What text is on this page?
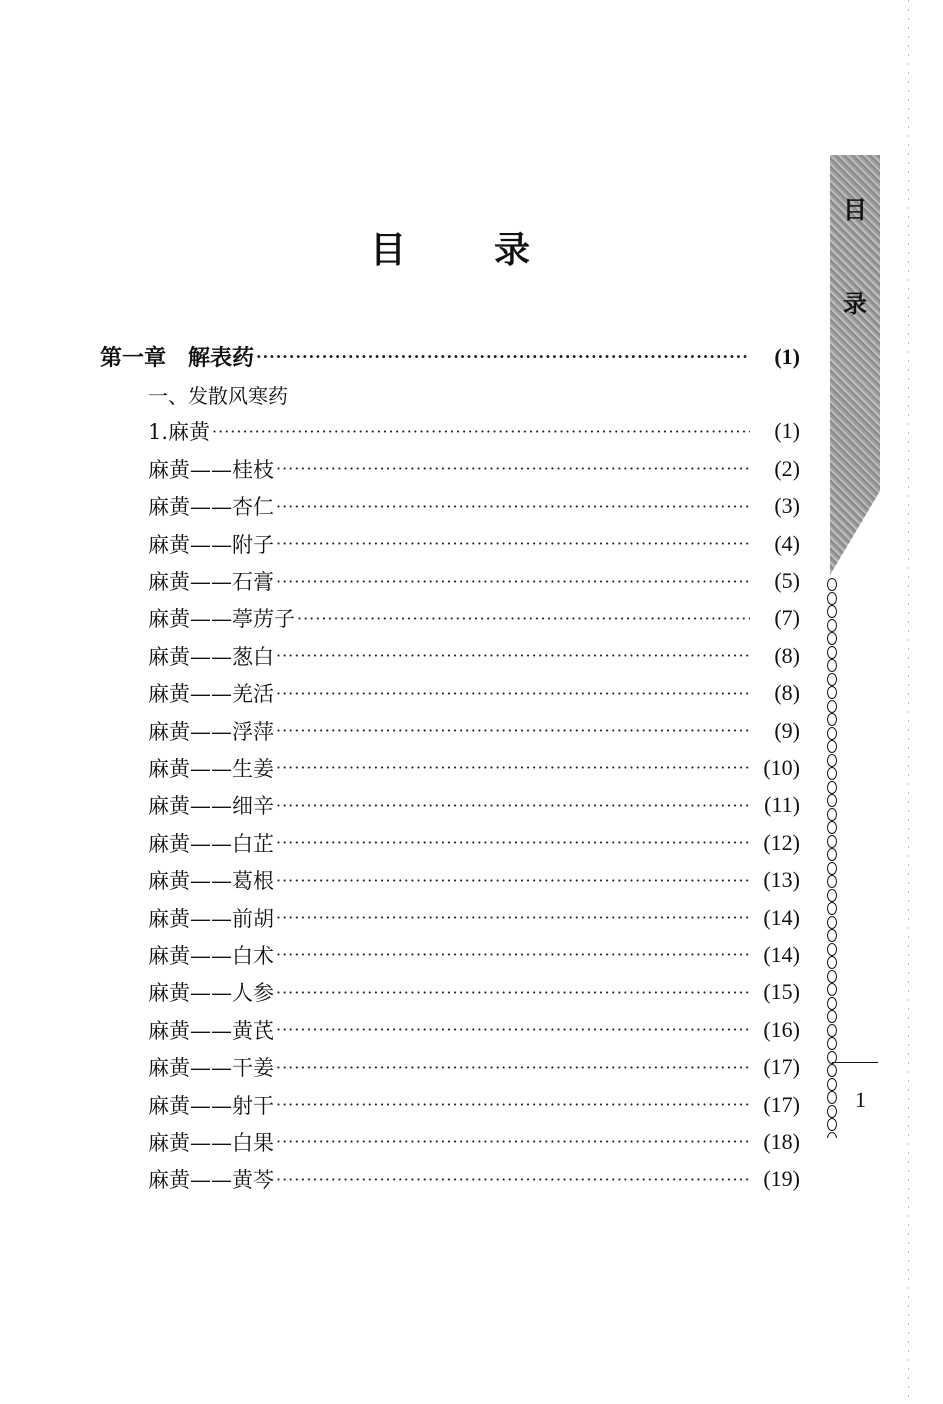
目 录
第一章　解表药 ·····	(1)
一、发散风寒药
1.麻黄 ·····	(1)
麻黄——桂枝 ·····	(2)
麻黄——杏仁 ·····	(3)
麻黄——附子 ·····	(4)
麻黄——石膏 ·····	(5)
麻黄——葶苈子 ·····	(7)
麻黄——葱白 ·····	(8)
麻黄——羌活 ·····	(8)
麻黄——浮萍 ·····	(9)
麻黄——生姜 ·····	(10)
麻黄——细辛 ·····	(11)
麻黄——白芷 ·····	(12)
麻黄——葛根 ·····	(13)
麻黄——前胡 ·····	(14)
麻黄——白术 ·····	(14)
麻黄——人参 ·····	(15)
麻黄——黄芪 ·····	(16)
麻黄——干姜 ·····	(17)
麻黄——射干 ·····	(17)
麻黄——白果 ·····	(18)
麻黄——黄芩 ·····	(19)
目
录
1
